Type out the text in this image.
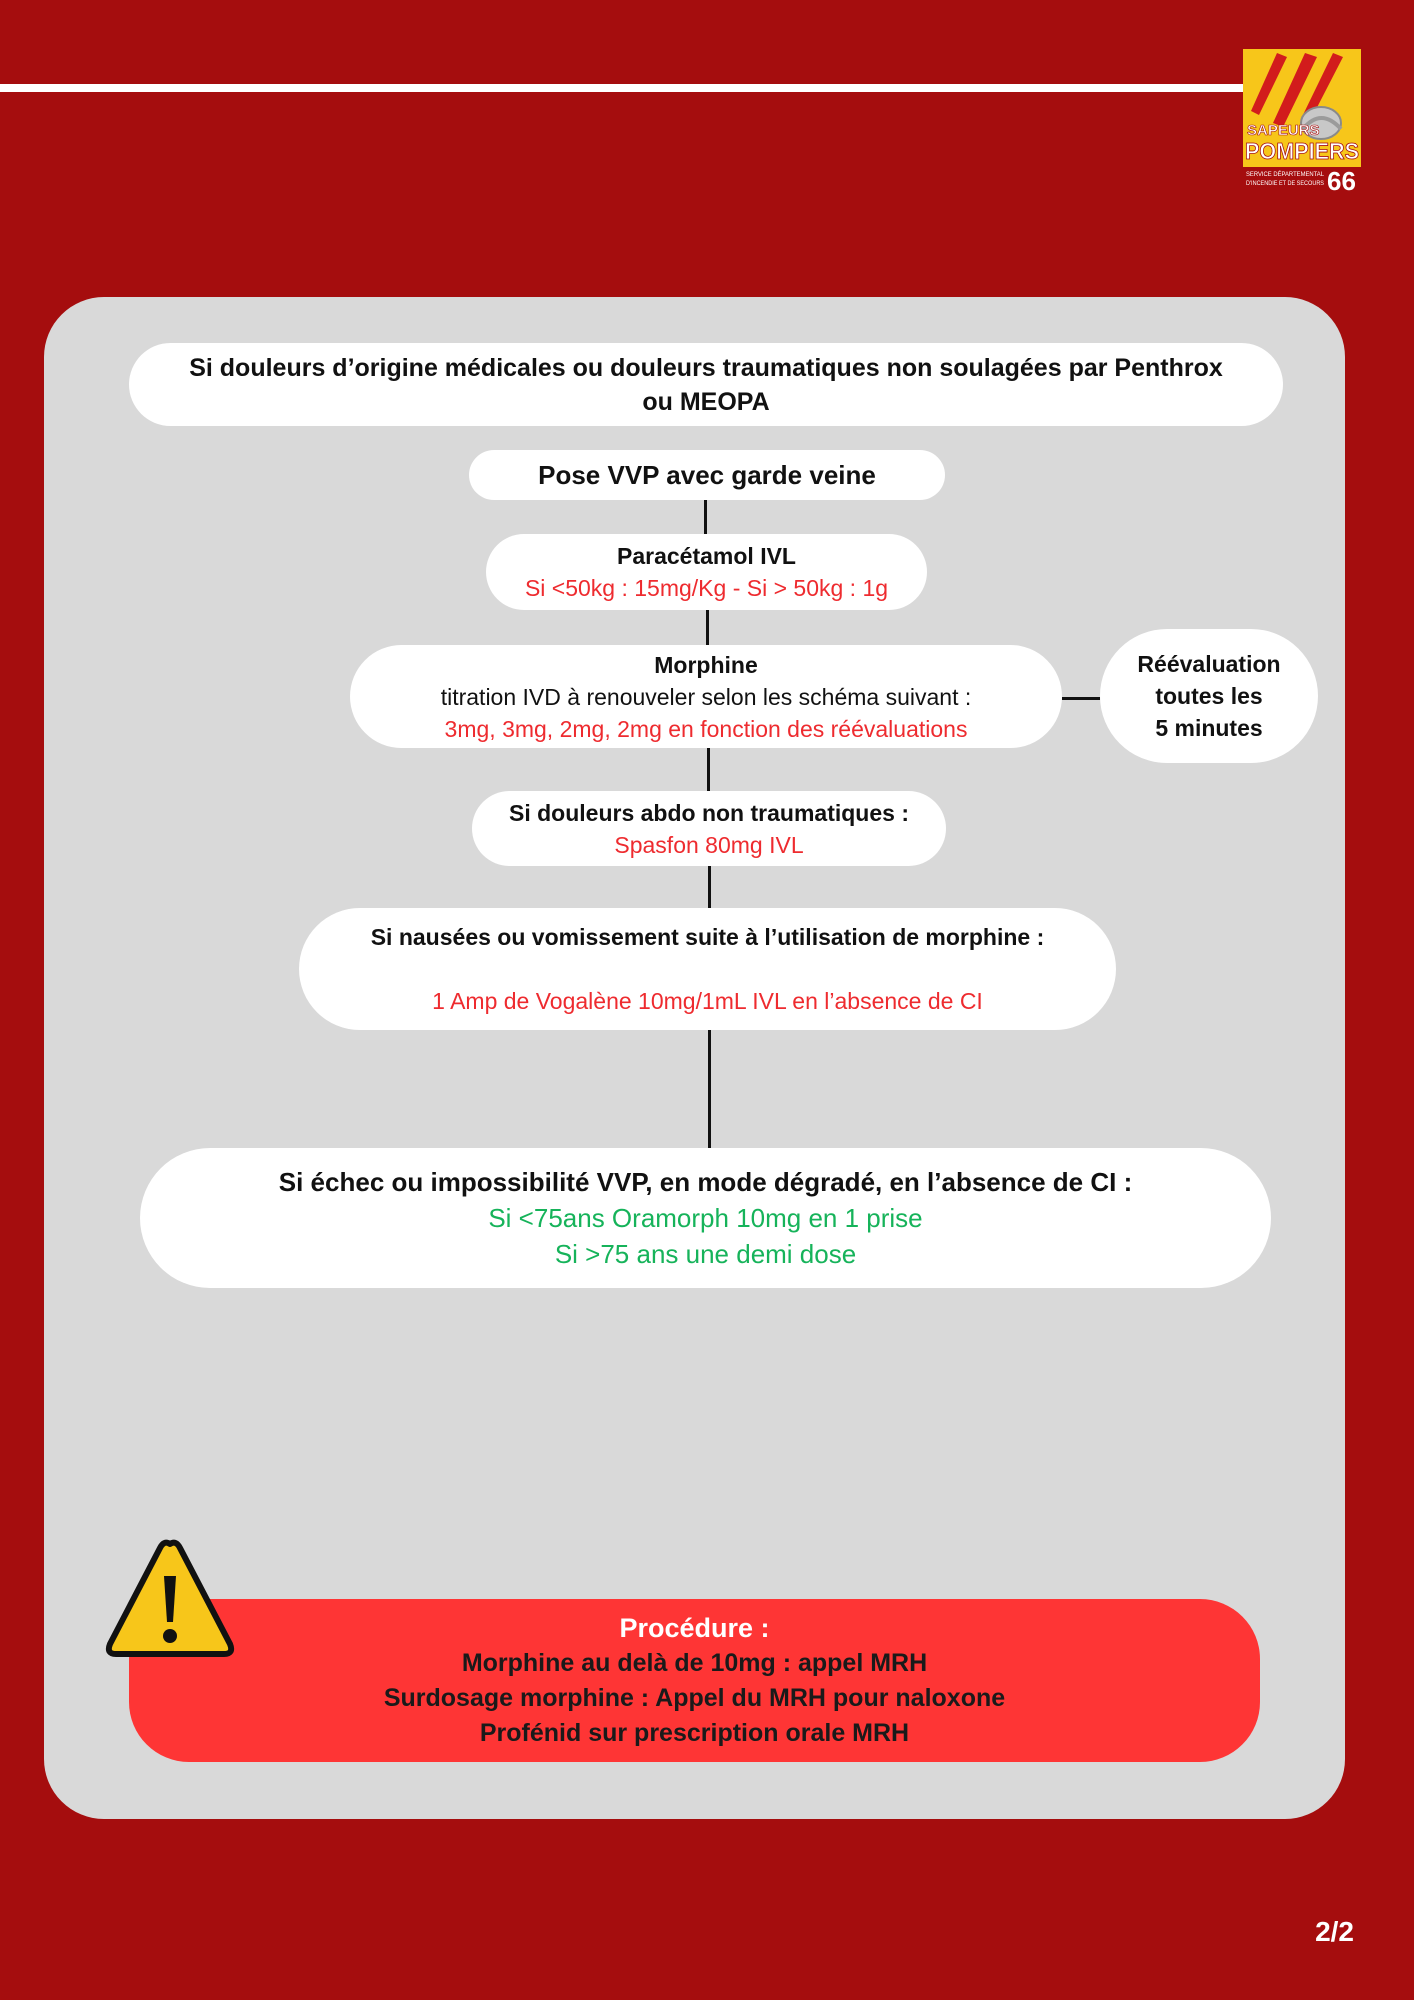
SAPEURS
POMPIERS
SERVICE DÉPARTEMENTAL
D'INCENDIE ET DE SECOURS 66
Si douleurs d’origine médicales ou douleurs traumatiques non soulagées par Penthrox
ou MEOPA
Pose VVP avec garde veine
Paracétamol IVL
Si <50kg : 15mg/Kg - Si > 50kg : 1g
Morphine
titration IVD à renouveler selon les schéma suivant :
3mg, 3mg, 2mg, 2mg en fonction des réévaluations
Réévaluation
toutes les
5 minutes
Si douleurs abdo non traumatiques :
Spasfon 80mg IVL
Si nausées ou vomissement suite à l’utilisation de morphine :
1 Amp de Vogalène 10mg/1mL IVL en l’absence de CI
Si échec ou impossibilité VVP, en mode dégradé, en l’absence de CI :
Si <75ans Oramorph 10mg en 1 prise
Si >75 ans une demi dose
Procédure :
Morphine au delà de 10mg : appel MRH
Surdosage morphine : Appel du MRH pour naloxone
Profénid sur prescription orale MRH
2/2
